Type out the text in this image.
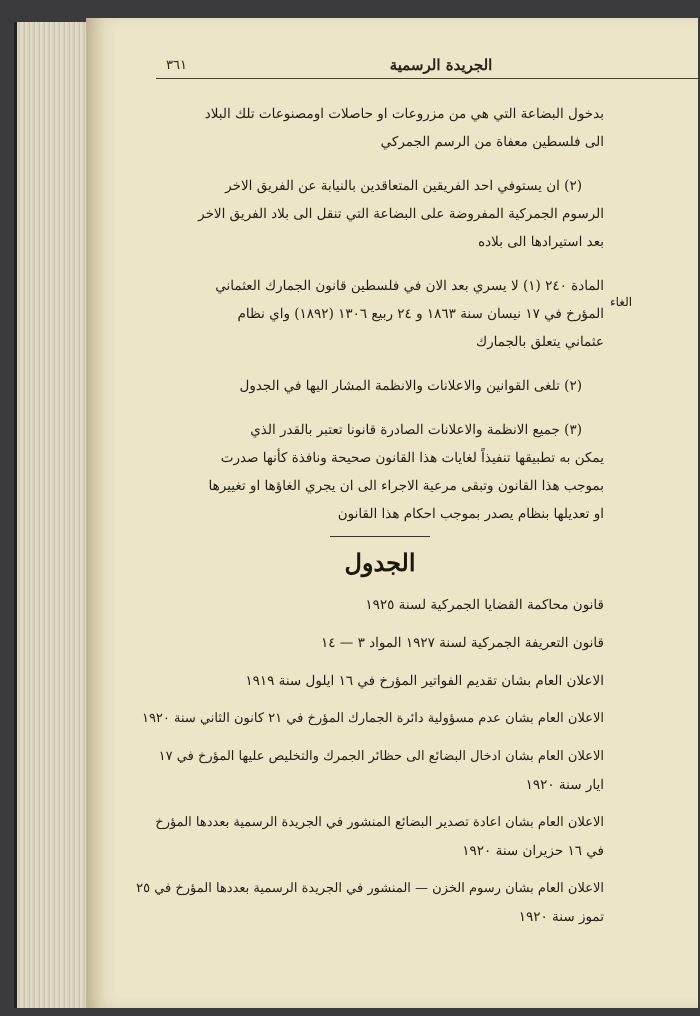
٣٦١	الجريدة الرسمية
الغاء
بدخول البضاعة التي هي من مزروعات او حاصلات اومصنوعات تلك البلاد
الى فلسطين معفاة من الرسم الجمركي
(٢) ان يستوفي احد الفريقين المتعاقدين بالنيابة عن الفريق الاخر
الرسوم الجمركية المفروضة على البضاعة التي تنقل الى بلاد الفريق الاخر
بعد استيرادها الى بلاده
المادة ٢٤٠ (١) لا يسري بعد الان في فلسطين قانون الجمارك العثماني
المؤرخ في ١٧ نيسان سنة ١٨٦٣ و ٢٤ ربيع ١٣٠٦ (١٨٩٢) واي نظام
عثماني يتعلق بالجمارك
(٢) تلغى القوانين والاعلانات والانظمة المشار اليها في الجدول
(٣) جميع الانظمة والاعلانات الصادرة قانونا تعتبر بالقدر الذي
يمكن به تطبيقها تنفيذاً لغايات هذا القانون صحيحة ونافذة كأنها صدرت
بموجب هذا القانون وتبقى مرعية الاجراء الى ان يجري الغاؤها او تغييرها
او تعديلها بنظام يصدر بموجب احكام هذا القانون
الجدول
قانون محاكمة القضايا الجمركية لسنة ١٩٢٥
قانون التعريفة الجمركية لسنة ١٩٢٧ المواد ٣ — ١٤
الاعلان العام بشان تقديم الفواتير المؤرخ في ١٦ ايلول سنة ١٩١٩
الاعلان العام بشان عدم مسؤولية دائرة الجمارك المؤرخ في ٢١ كانون الثاني سنة ١٩٢٠
الاعلان العام بشان ادخال البضائع الى حظائر الجمرك والتخليص عليها المؤرخ في ١٧
ايار سنة ١٩٢٠
الاعلان العام بشان اعادة تصدير البضائع المنشور في الجريدة الرسمية بعددها المؤرخ
في ١٦ حزيران سنة ١٩٢٠
الاعلان العام بشان رسوم الخزن — المنشور في الجريدة الرسمية بعددها المؤرخ في ٢٥
تموز سنة ١٩٢٠
